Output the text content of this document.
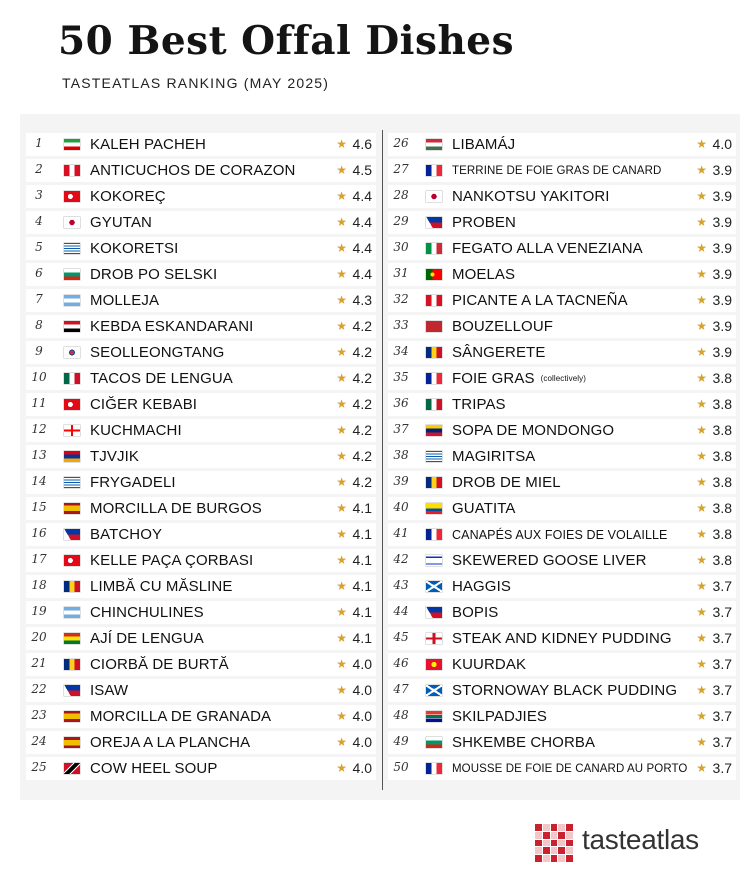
50 Best Offal Dishes
TASTEATLAS RANKING (MAY 2025)
1	KALEH PACHEH	★ 4.6
2	ANTICUCHOS DE CORAZON	★ 4.5
3	KOKOREÇ	★ 4.4
4	GYUTAN	★ 4.4
5	KOKORETSI	★ 4.4
6	DROB PO SELSKI	★ 4.4
7	MOLLEJA	★ 4.3
8	KEBDA ESKANDARANI	★ 4.2
9	SEOLLEONGTANG	★ 4.2
10	TACOS DE LENGUA	★ 4.2
11	CIĞER KEBABI	★ 4.2
12	KUCHMACHI	★ 4.2
13	TJVJIK	★ 4.2
14	FRYGADELI	★ 4.2
15	MORCILLA DE BURGOS	★ 4.1
16	BATCHOY	★ 4.1
17	KELLE PAÇA ÇORBASI	★ 4.1
18	LIMBĂ CU MĂSLINE	★ 4.1
19	CHINCHULINES	★ 4.1
20	AJÍ DE LENGUA	★ 4.1
21	CIORBĂ DE BURTĂ	★ 4.0
22	ISAW	★ 4.0
23	MORCILLA DE GRANADA	★ 4.0
24	OREJA A LA PLANCHA	★ 4.0
25	COW HEEL SOUP	★ 4.0
26	LIBAMÁJ	★ 4.0
27	TERRINE DE FOIE GRAS DE CANARD	★ 3.9
28	NANKOTSU YAKITORI	★ 3.9
29	PROBEN	★ 3.9
30	FEGATO ALLA VENEZIANA	★ 3.9
31	MOELAS	★ 3.9
32	PICANTE A LA TACNEÑA	★ 3.9
33	BOUZELLOUF	★ 3.9
34	SÂNGERETE	★ 3.9
35	FOIE GRAS (collectively)	★ 3.8
36	TRIPAS	★ 3.8
37	SOPA DE MONDONGO	★ 3.8
38	MAGIRITSA	★ 3.8
39	DROB DE MIEL	★ 3.8
40	GUATITA	★ 3.8
41	CANAPÉS AUX FOIES DE VOLAILLE ★ 3.8
42	SKEWERED GOOSE LIVER	★ 3.8
43	HAGGIS	★ 3.7
44	BOPIS	★ 3.7
45	STEAK AND KIDNEY PUDDING ★ 3.7
46	KUURDAK	★ 3.7
47	STORNOWAY BLACK PUDDING ★ 3.7
48	SKILPADJIES	★ 3.7
49	SHKEMBE CHORBA	★ 3.7
50	MOUSSE DE FOIE DE CANARD AU PORTO ★ 3.7
tasteatlas
